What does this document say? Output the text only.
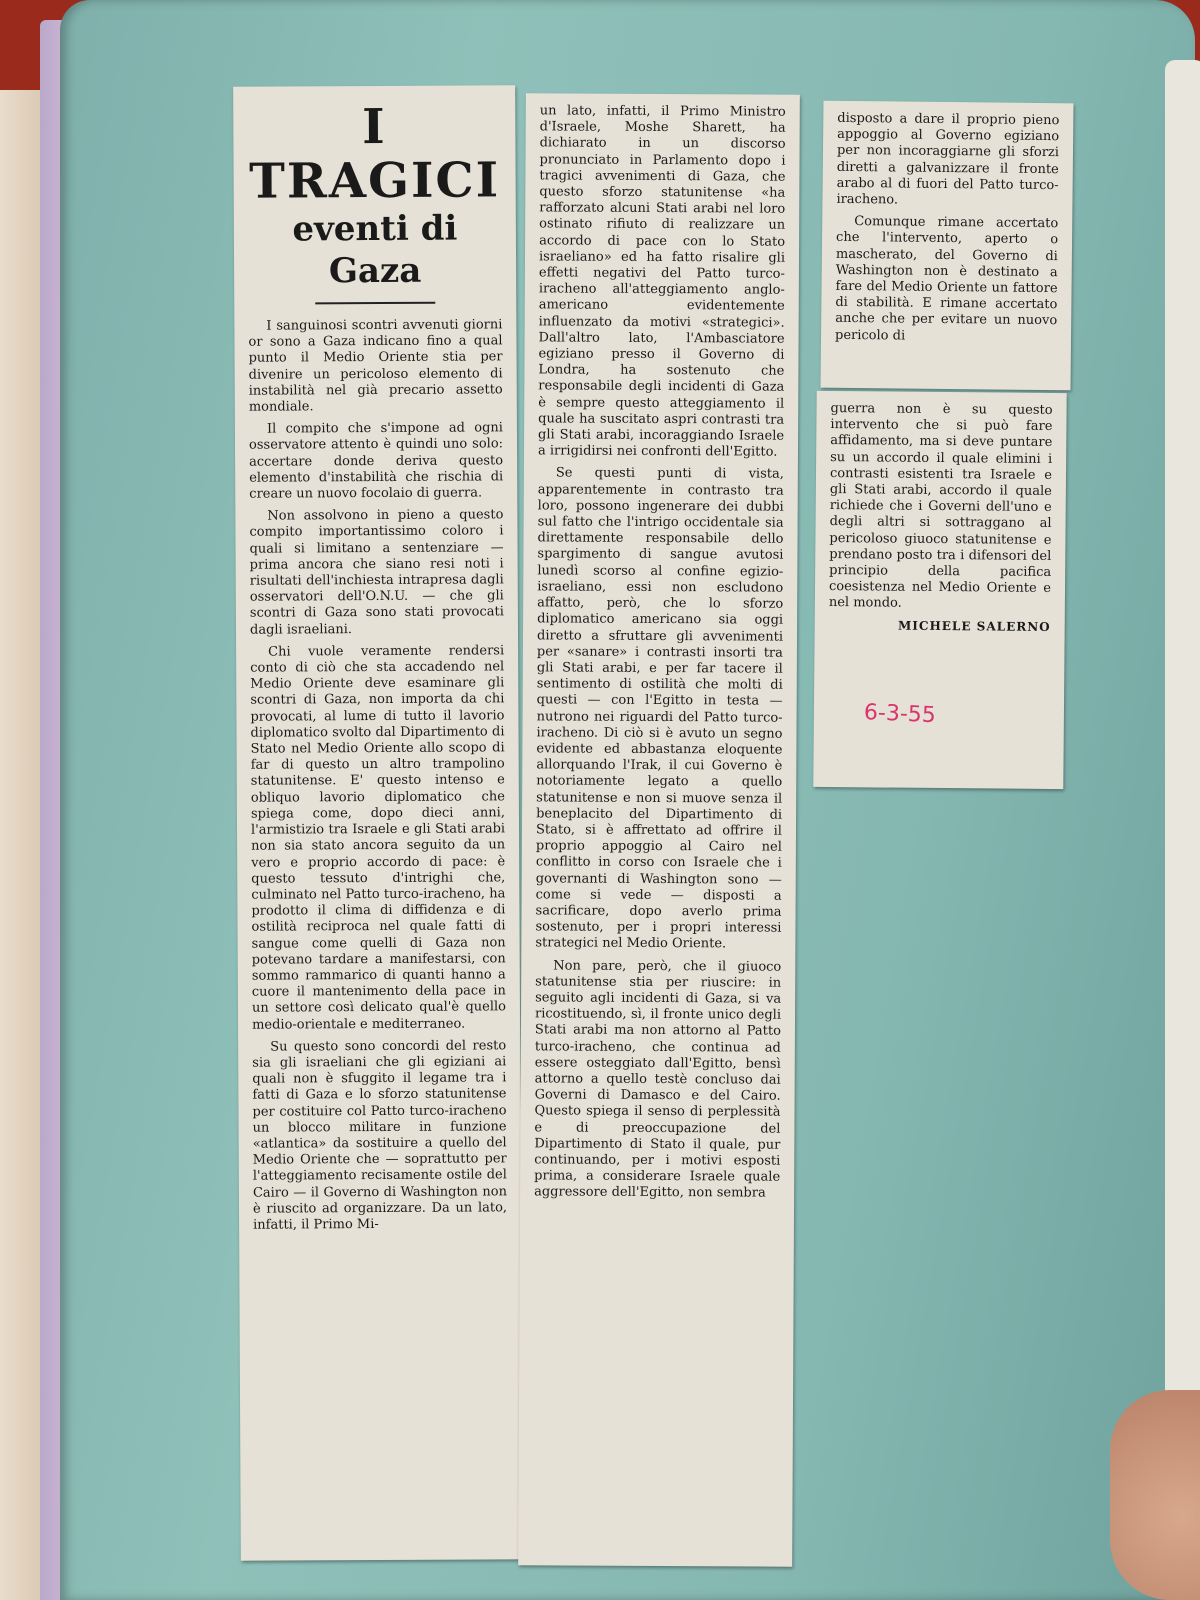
I TRAGICI
eventi di Gaza

I sanguinosi scontri avvenuti giorni or sono a Gaza indicano fino a qual punto il Medio Oriente stia per divenire un pericoloso elemento di instabilità nel già precario assetto mondiale.

Il compito che s'impone ad ogni osservatore attento è quindi uno solo: accertare donde deriva questo elemento d'instabilità che rischia di creare un nuovo focolaio di guerra.

Non assolvono in pieno a questo compito importantissimo coloro i quali si limitano a sentenziare — prima ancora che siano resi noti i risultati dell'inchiesta intrapresa dagli osservatori dell'O.N.U. — che gli scontri di Gaza sono stati provocati dagli israeliani.

Chi vuole veramente rendersi conto di ciò che sta accadendo nel Medio Oriente deve esaminare gli scontri di Gaza, non importa da chi provocati, al lume di tutto il lavorio diplomatico svolto dal Dipartimento di Stato nel Medio Oriente allo scopo di far di questo un altro trampolino statunitense. E' questo intenso e obliquo lavorio diplomatico che spiega come, dopo dieci anni, l'armistizio tra Israele e gli Stati arabi non sia stato ancora seguito da un vero e proprio accordo di pace: è questo tessuto d'intrighi che, culminato nel Patto turco-iracheno, ha prodotto il clima di diffidenza e di ostilità reciproca nel quale fatti di sangue come quelli di Gaza non potevano tardare a manifestarsi, con sommo rammarico di quanti hanno a cuore il mantenimento della pace in un settore così delicato qual'è quello medio-orientale e mediterraneo.

Su questo sono concordi del resto sia gli israeliani che gli egiziani ai quali non è sfuggito il legame tra i fatti di Gaza e lo sforzo statunitense per costituire col Patto turco-iracheno un blocco militare in funzione «atlantica» da sostituire a quello del Medio Oriente che — soprattutto per l'atteggiamento recisamente ostile del Cairo — il Governo di Washington non è riuscito ad organizzare. Da un lato, infatti, il Primo Mi-

un lato, infatti, il Primo Ministro d'Israele, Moshe Sharett, ha dichiarato in un discorso pronunciato in Parlamento dopo i tragici avvenimenti di Gaza, che questo sforzo statunitense «ha rafforzato alcuni Stati arabi nel loro ostinato rifiuto di realizzare un accordo di pace con lo Stato israeliano» ed ha fatto risalire gli effetti negativi del Patto turco-iracheno all'atteggiamento anglo-americano evidentemente influenzato da motivi «strategici». Dall'altro lato, l'Ambasciatore egiziano presso il Governo di Londra, ha sostenuto che responsabile degli incidenti di Gaza è sempre questo atteggiamento il quale ha suscitato aspri contrasti tra gli Stati arabi, incoraggiando Israele a irrigidirsi nei confronti dell'Egitto.

Se questi punti di vista, apparentemente in contrasto tra loro, possono ingenerare dei dubbi sul fatto che l'intrigo occidentale sia direttamente responsabile dello spargimento di sangue avutosi lunedì scorso al confine egizio-israeliano, essi non escludono affatto, però, che lo sforzo diplomatico americano sia oggi diretto a sfruttare gli avvenimenti per «sanare» i contrasti insorti tra gli Stati arabi, e per far tacere il sentimento di ostilità che molti di questi — con l'Egitto in testa — nutrono nei riguardi del Patto turco-iracheno. Di ciò si è avuto un segno evidente ed abbastanza eloquente allorquando l'Irak, il cui Governo è notoriamente legato a quello statunitense e non si muove senza il beneplacito del Dipartimento di Stato, si è affrettato ad offrire il proprio appoggio al Cairo nel conflitto in corso con Israele che i governanti di Washington sono — come si vede — disposti a sacrificare, dopo averlo prima sostenuto, per i propri interessi strategici nel Medio Oriente.

Non pare, però, che il giuoco statunitense stia per riuscire: in seguito agli incidenti di Gaza, si va ricostituendo, sì, il fronte unico degli Stati arabi ma non attorno al Patto turco-iracheno, che continua ad essere osteggiato dall'Egitto, bensì attorno a quello testè concluso dai Governi di Damasco e del Cairo. Questo spiega il senso di perplessità e di preoccupazione del Dipartimento di Stato il quale, pur continuando, per i motivi esposti prima, a considerare Israele quale aggressore dell'Egitto, non sembra

disposto a dare il proprio pieno appoggio al Governo egiziano per non incoraggiarne gli sforzi diretti a galvanizzare il fronte arabo al di fuori del Patto turco-iracheno.

Comunque rimane accertato che l'intervento, aperto o mascherato, del Governo di Washington non è destinato a fare del Medio Oriente un fattore di stabilità. E rimane accertato anche che per evitare un nuovo pericolo di

guerra non è su questo intervento che si può fare affidamento, ma si deve puntare su un accordo il quale elimini i contrasti esistenti tra Israele e gli Stati arabi, accordo il quale richiede che i Governi dell'uno e degli altri si sottraggano al pericoloso giuoco statunitense e prendano posto tra i difensori del principio della pacifica coesistenza nel Medio Oriente e nel mondo.

MICHELE SALERNO
6-3-55
